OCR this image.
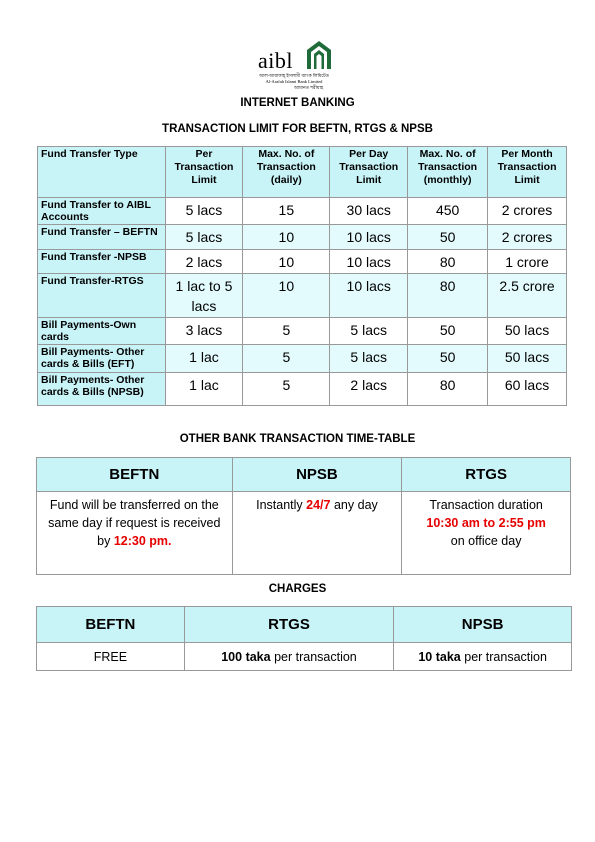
aibl
আল-আরাফাহ্ ইসলামী ব্যাংক লিমিটেড
Al-Arafah Islami Bank Limited
আমানত শরীয়াহ
INTERNET BANKING
TRANSACTION LIMIT FOR BEFTN, RTGS & NPSB
Fund Transfer Type	Per Transaction Limit	Max. No. of Transaction (daily)	Per Day Transaction Limit	Max. No. of Transaction (monthly)	Per Month Transaction Limit
Fund Transfer to AIBL Accounts	5 lacs	15	30 lacs	450	2 crores
Fund Transfer – BEFTN	5 lacs	10	10 lacs	50	2 crores
Fund Transfer -NPSB	2 lacs	10	10 lacs	80	1 crore
Fund Transfer-RTGS	1 lac to 5 lacs	10	10 lacs	80	2.5 crore
Bill Payments-Own cards	3 lacs	5	5 lacs	50	50 lacs
Bill Payments- Other cards & Bills (EFT)	1 lac	5	5 lacs	50	50 lacs
Bill Payments- Other cards & Bills (NPSB)	1 lac	5	2 lacs	80	60 lacs
OTHER BANK TRANSACTION TIME-TABLE
BEFTN	NPSB	RTGS
Fund will be transferred on the same day if request is received by 12:30 pm.	Instantly 24/7 any day	Transaction duration
10:30 am to 2:55 pm
on office day
CHARGES
BEFTN	RTGS	NPSB
FREE	100 taka per transaction	10 taka per transaction
